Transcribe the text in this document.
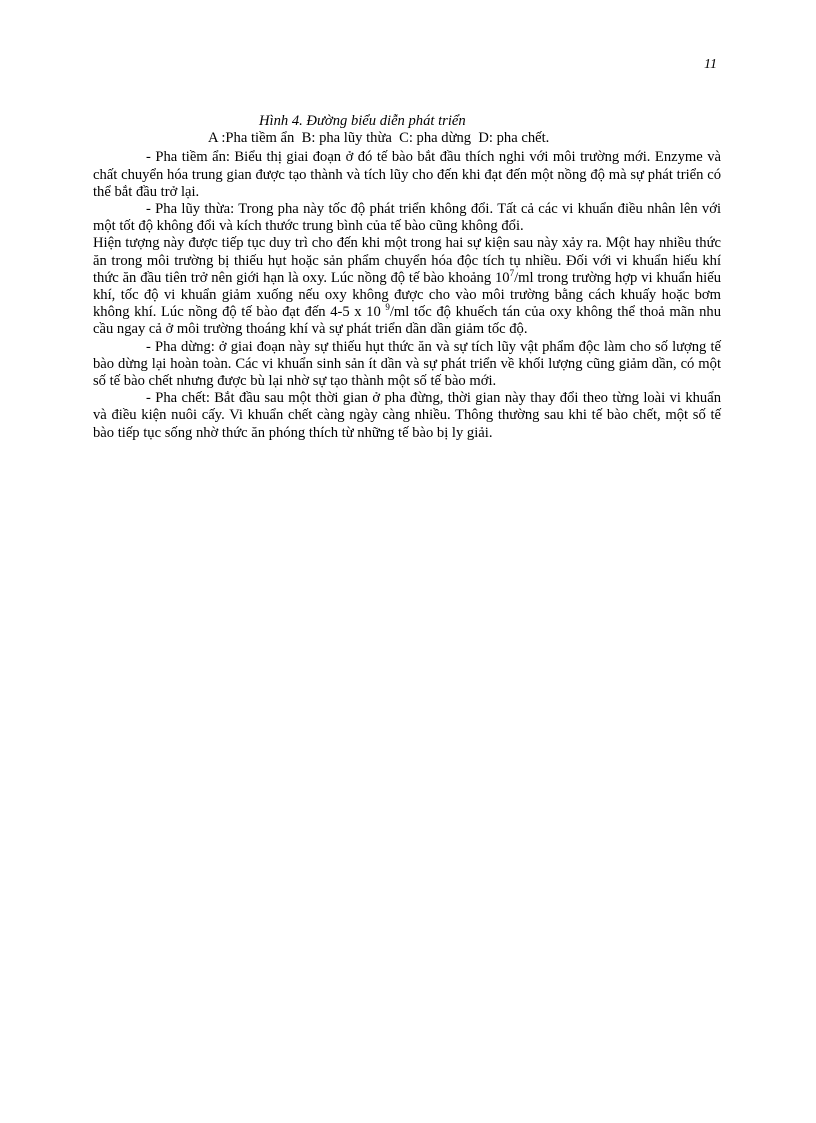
11

Hình 4. Đường biểu diễn phát triển

A :Pha tiềm ẩn  B: pha lũy thừa  C: pha dừng  D: pha chết.

- Pha tiềm ẩn: Biểu thị giai đoạn ở đó tế bào bắt đầu thích nghi với môi trường mới. Enzyme và chất chuyển hóa trung gian được tạo thành và tích lũy cho đến khi đạt đến một nồng độ mà sự phát triển có thể bắt đầu trở lại.

- Pha lũy thừa: Trong pha này tốc độ phát triển không đổi. Tất cả các vi khuẩn điều nhân lên với một tốt độ không đổi và kích thước trung bình của tế bào cũng không đổi.

Hiện tượng này được tiếp tục duy trì cho đến khi một trong hai sự kiện sau này xảy ra. Một hay nhiều thức ăn trong môi trường bị thiếu hụt hoặc sản phẩm chuyển hóa độc tích tụ nhiều. Đối với vi khuẩn hiếu khí thức ăn đầu tiên trở nên giới hạn là oxy. Lúc nồng độ tế bào khoảng $10^7/ml$ trong trường hợp vi khuẩn hiếu khí, tốc độ vi khuẩn giảm xuống nếu oxy không được cho vào môi trường bằng cách khuấy hoặc bơm không khí. Lúc nồng độ tế bào đạt đến 4-5 x 10 $^9$/ml tốc độ khuếch tán của oxy không thể thoả mãn nhu cầu ngay cả ở môi trường thoáng khí và sự phát triển dần dần giảm tốc độ.

- Pha dừng: ở giai đoạn này sự thiếu hụt thức ăn và sự tích lũy vật phẩm độc làm cho số lượng tế bào dừng lại hoàn toàn. Các vi khuẩn sinh sản ít dần và sự phát triển về khối lượng cũng giảm dần, có một số tế bào chết nhưng được bù lại nhờ sự tạo thành một số tế bào mới.

- Pha chết: Bắt đầu sau một thời gian ở pha đừng, thời gian này thay đổi theo từng loài vi khuẩn và điều kiện nuôi cấy. Vi khuẩn chết càng ngày càng nhiều. Thông thường sau khi tế bào chết, một số tế bào tiếp tục sống nhờ thức ăn phóng thích từ những tế bào bị ly giải.
